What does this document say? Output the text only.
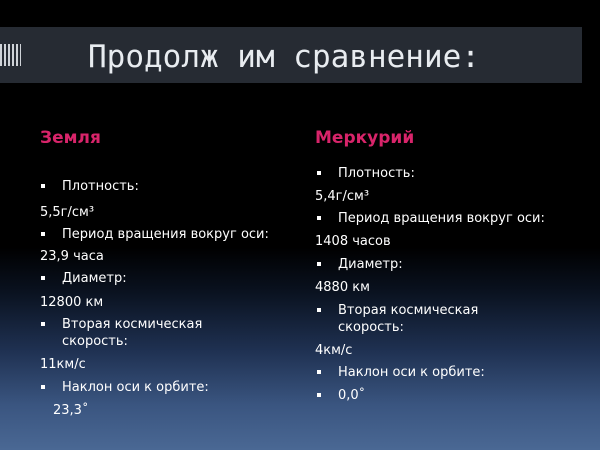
Продолж им сравнение:
Земля
Плотность:
5,5г/см³
Период вращения вокруг оси:
23,9 часа
Диаметр:
12800 км
Вторая космическая
скорость:
11км/с
Наклон оси к орбите:
23,3˚
Меркурий
Плотность:
5,4г/см³
Период вращения вокруг оси:
1408 часов
Диаметр:
4880 км
Вторая космическая
скорость:
4км/с
Наклон оси к орбите:
0,0˚
